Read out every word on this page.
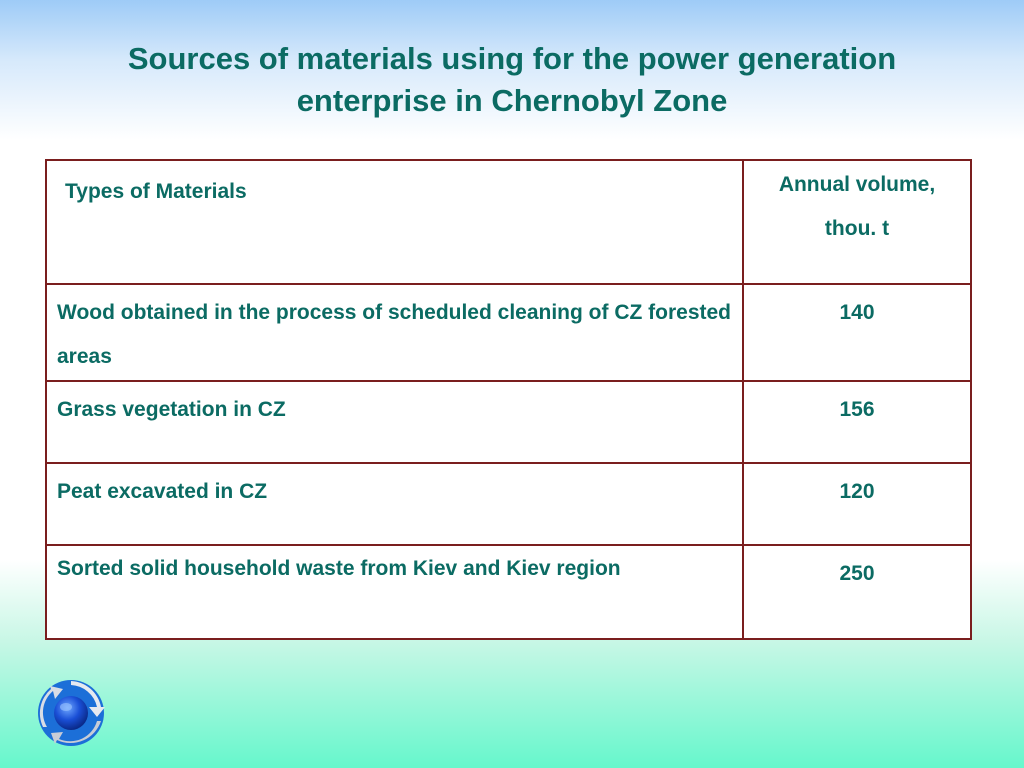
Sources of materials using for the power generation
enterprise in Chernobyl Zone
Types of Materials	Annual volume,
thou. t

Wood obtained in the process of scheduled cleaning of CZ forested areas	140
Grass vegetation in CZ	156
Peat excavated in CZ	120
Sorted solid household waste from Kiev and Kiev region	250
